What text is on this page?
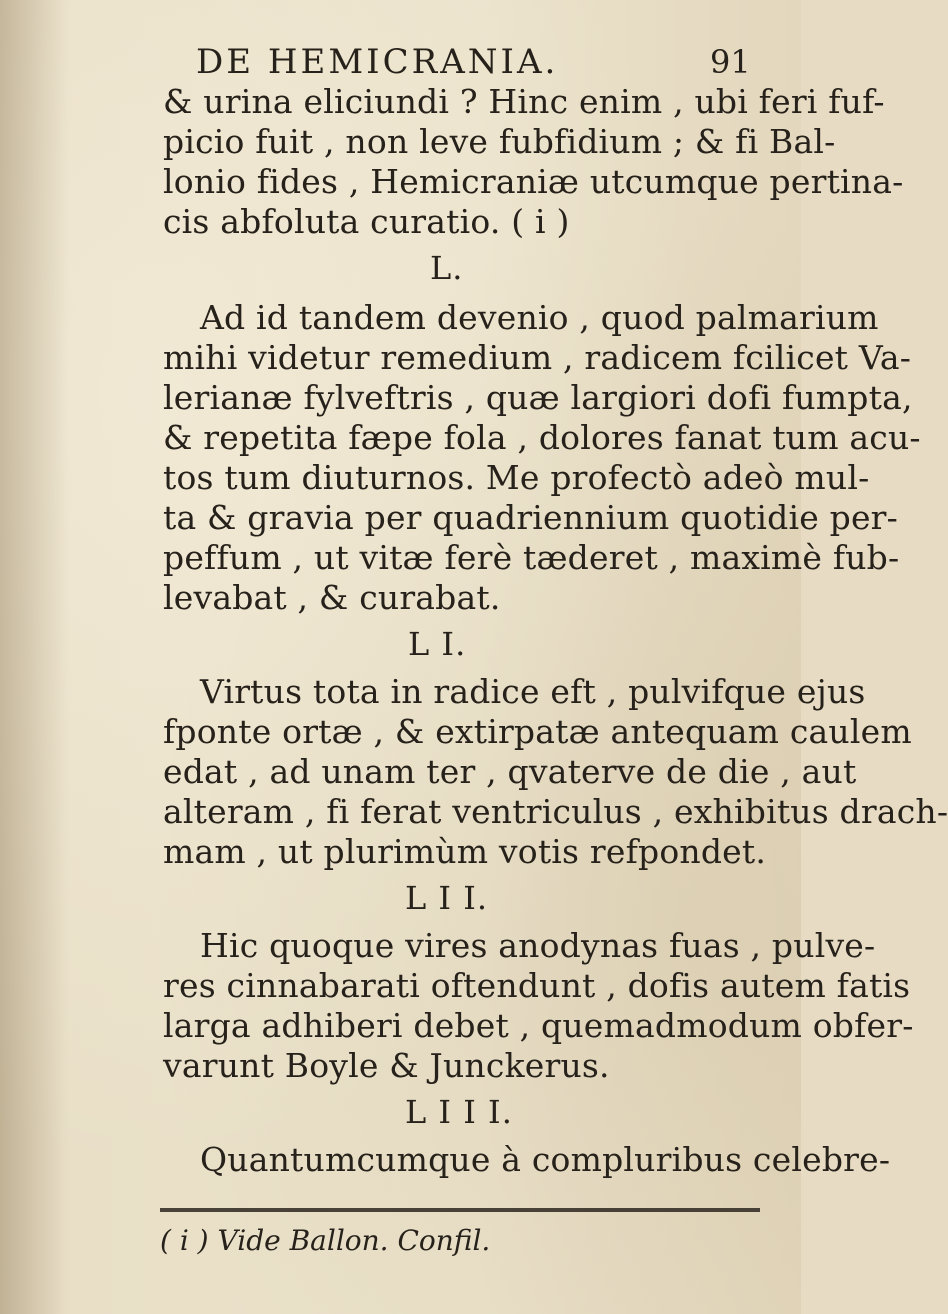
DE HEMICRANIA.	91
& urina eliciundi ? Hinc enim , ubi feri fuf-
picio fuit , non leve fubfidium ; & fi Bal-
lonio fides , Hemicraniæ utcumque pertina-
cis abfoluta curatio. ( i )
L.
Ad id tandem devenio , quod palmarium
mihi videtur remedium , radicem fcilicet Va-
lerianæ fylveftris , quæ largiori dofi fumpta,
& repetita fæpe fola , dolores fanat tum acu-
tos tum diuturnos. Me profectò adeò mul-
ta & gravia per quadriennium quotidie per-
peffum , ut vitæ ferè tæderet , maximè fub-
levabat , & curabat.
L I.
Virtus tota in radice eft , pulvifque ejus
fponte ortæ , & extirpatæ antequam caulem
edat , ad unam ter , qvaterve de die , aut
alteram , fi ferat ventriculus , exhibitus drach-
mam , ut plurimùm votis refpondet.
L I I.
Hic quoque vires anodynas fuas , pulve-
res cinnabarati oftendunt , dofis autem fatis
larga adhiberi debet , quemadmodum obfer-
varunt Boyle & Junckerus.
L I I I.
Quantumcumque à compluribus celebre-
( i ) Vide Ballon. Confil.
